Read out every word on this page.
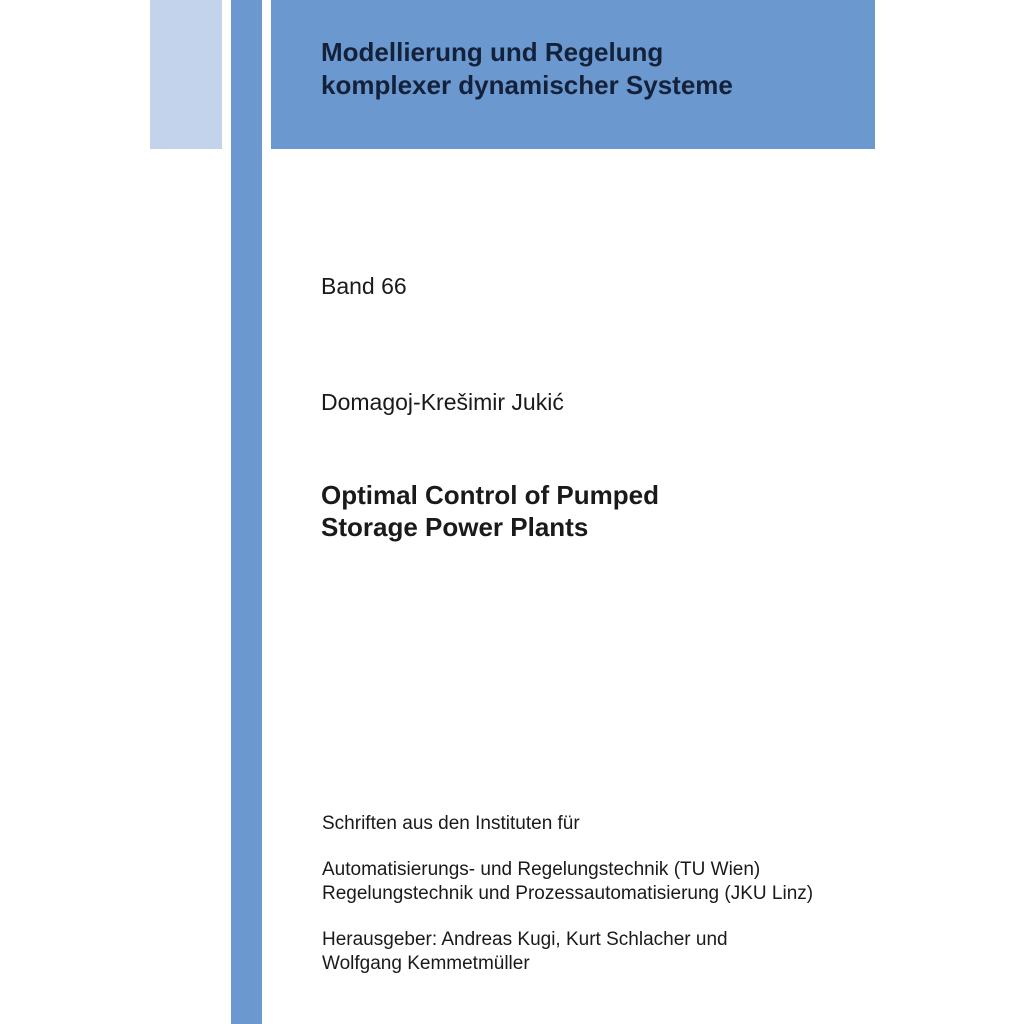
Modellierung und Regelung
komplexer dynamischer Systeme
Band 66
Domagoj-Krešimir Jukić
Optimal Control of Pumped
Storage Power Plants
Schriften aus den Instituten für
Automatisierungs- und Regelungstechnik (TU Wien)
Regelungstechnik und Prozessautomatisierung (JKU Linz)
Herausgeber: Andreas Kugi, Kurt Schlacher und
Wolfgang Kemmetmüller
